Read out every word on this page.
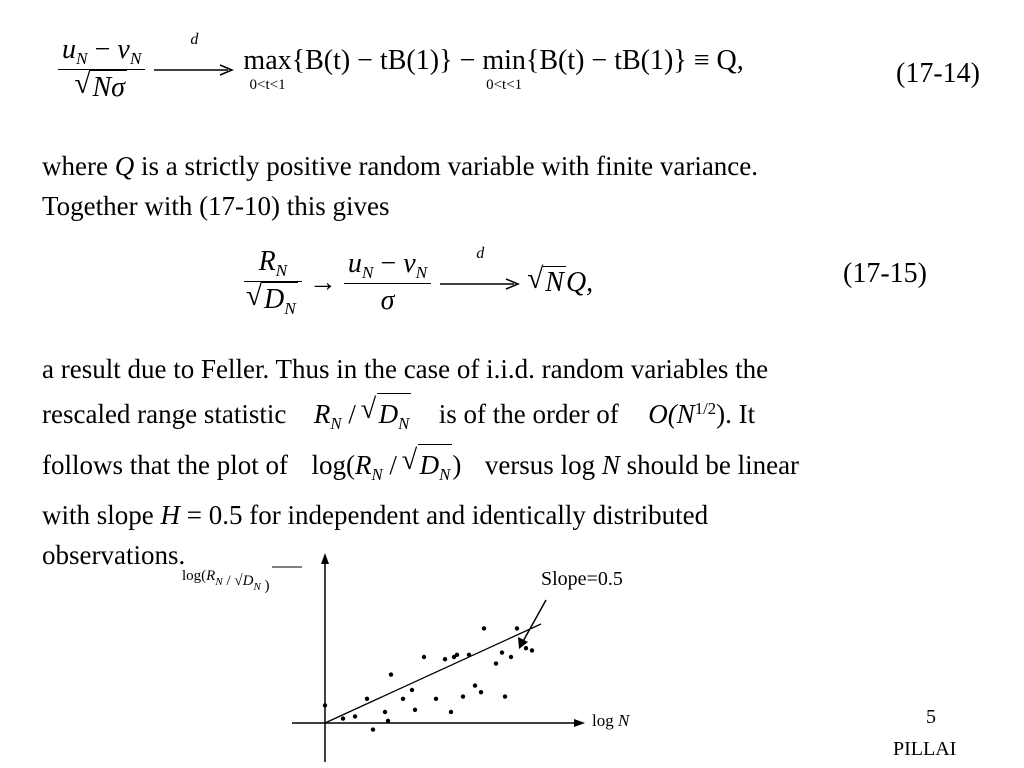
$u_N - v_N$
√ Nσ
	d
max
0<t<1
{B(t) − tB(1)} − min
0<t<1
{B(t) − tB(1)} ≡ Q,	(17-14)
where Q is a strictly positive random variable with finite variance.
Together with (17-10) this gives
$R_N$
√ $D_N \to \frac{u_N - v_N}{\sigma}$
	d
√ NQ,	(17-15)
a result due to Feller. Thus in the case of i.i.d. random variables the
rescaled range statistic $R_N$ / √ $D_N$ is of the order of $O(N^{1/2})$. It
follows that the plot of $\log(R_N$ / √ $D_N$) versus log N should be linear
with slope H = 0.5 for independent and identically distributed
observations.
Slope=0.5
log N
$\log(R_N / √D_N$ )
5
PILLAI
